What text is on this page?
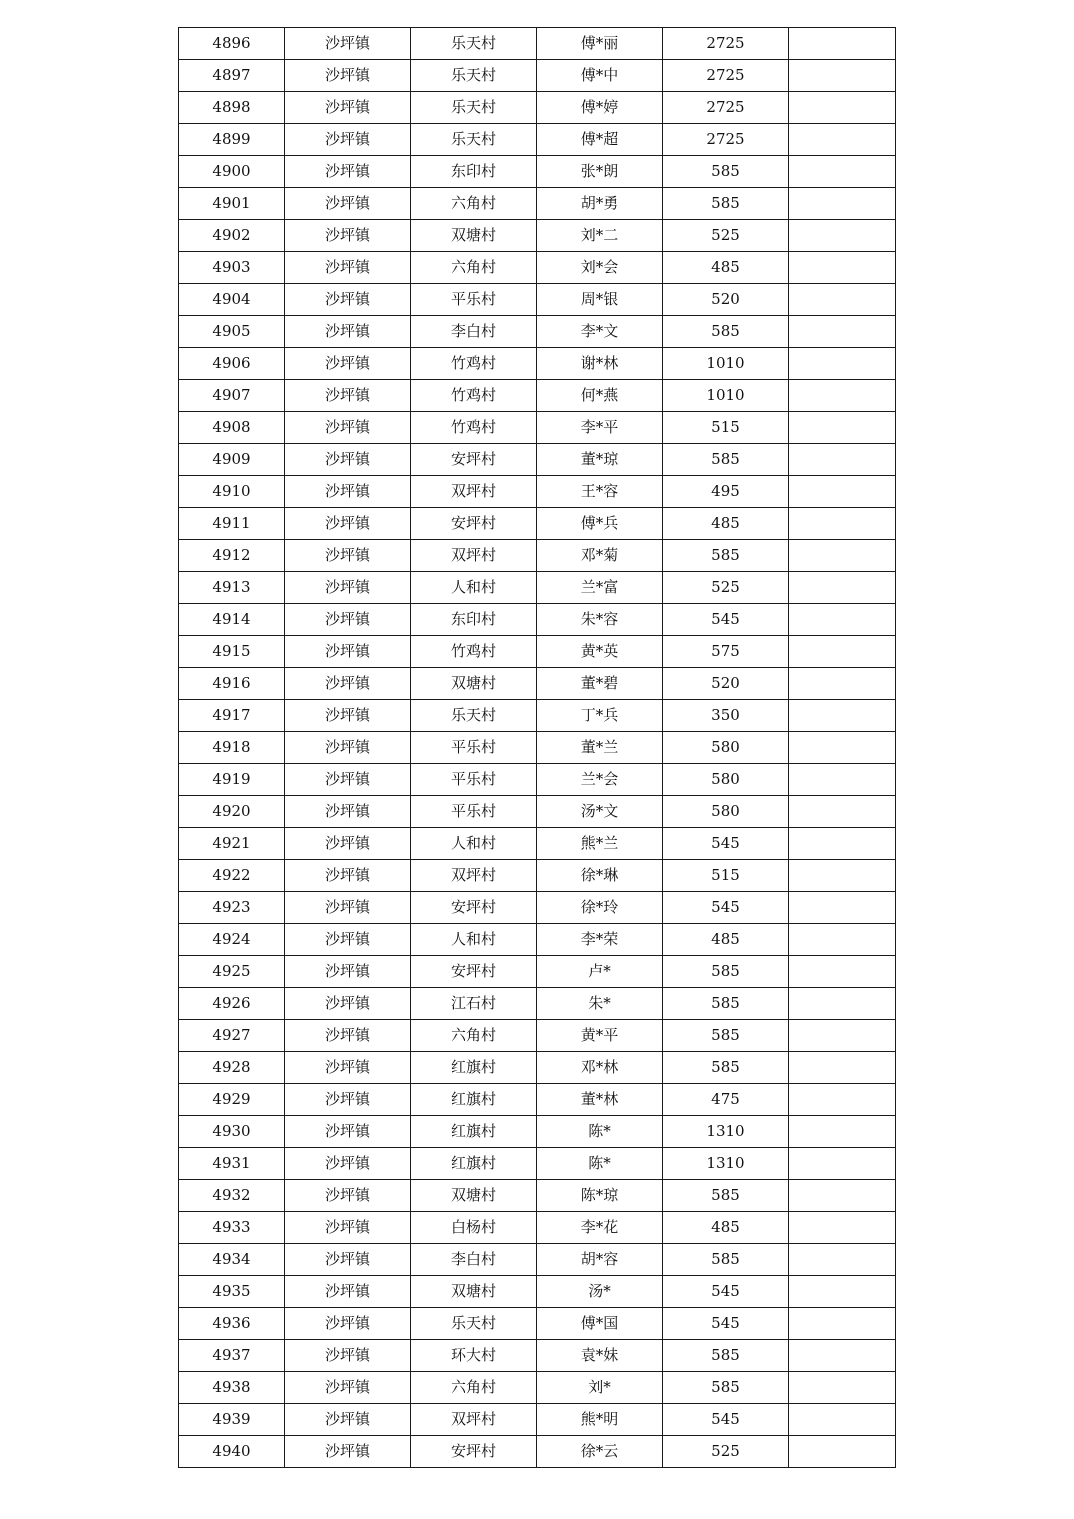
4896	沙坪镇	乐天村	傅*丽	2725	
4897	沙坪镇	乐天村	傅*中	2725	
4898	沙坪镇	乐天村	傅*婷	2725	
4899	沙坪镇	乐天村	傅*超	2725	
4900	沙坪镇	东印村	张*朗	585	
4901	沙坪镇	六角村	胡*勇	585	
4902	沙坪镇	双塘村	刘*二	525	
4903	沙坪镇	六角村	刘*会	485	
4904	沙坪镇	平乐村	周*银	520	
4905	沙坪镇	李白村	李*文	585	
4906	沙坪镇	竹鸡村	谢*林	1010	
4907	沙坪镇	竹鸡村	何*燕	1010	
4908	沙坪镇	竹鸡村	李*平	515	
4909	沙坪镇	安坪村	董*琼	585	
4910	沙坪镇	双坪村	王*容	495	
4911	沙坪镇	安坪村	傅*兵	485	
4912	沙坪镇	双坪村	邓*菊	585	
4913	沙坪镇	人和村	兰*富	525	
4914	沙坪镇	东印村	朱*容	545	
4915	沙坪镇	竹鸡村	黄*英	575	
4916	沙坪镇	双塘村	董*碧	520	
4917	沙坪镇	乐天村	丁*兵	350	
4918	沙坪镇	平乐村	董*兰	580	
4919	沙坪镇	平乐村	兰*会	580	
4920	沙坪镇	平乐村	汤*文	580	
4921	沙坪镇	人和村	熊*兰	545	
4922	沙坪镇	双坪村	徐*琳	515	
4923	沙坪镇	安坪村	徐*玲	545	
4924	沙坪镇	人和村	李*荣	485	
4925	沙坪镇	安坪村	卢*	585	
4926	沙坪镇	江石村	朱*	585	
4927	沙坪镇	六角村	黄*平	585	
4928	沙坪镇	红旗村	邓*林	585	
4929	沙坪镇	红旗村	董*林	475	
4930	沙坪镇	红旗村	陈*	1310	
4931	沙坪镇	红旗村	陈*	1310	
4932	沙坪镇	双塘村	陈*琼	585	
4933	沙坪镇	白杨村	李*花	485	
4934	沙坪镇	李白村	胡*容	585	
4935	沙坪镇	双塘村	汤*	545	
4936	沙坪镇	乐天村	傅*国	545	
4937	沙坪镇	环大村	袁*妹	585	
4938	沙坪镇	六角村	刘*	585	
4939	沙坪镇	双坪村	熊*明	545	
4940	沙坪镇	安坪村	徐*云	525	
